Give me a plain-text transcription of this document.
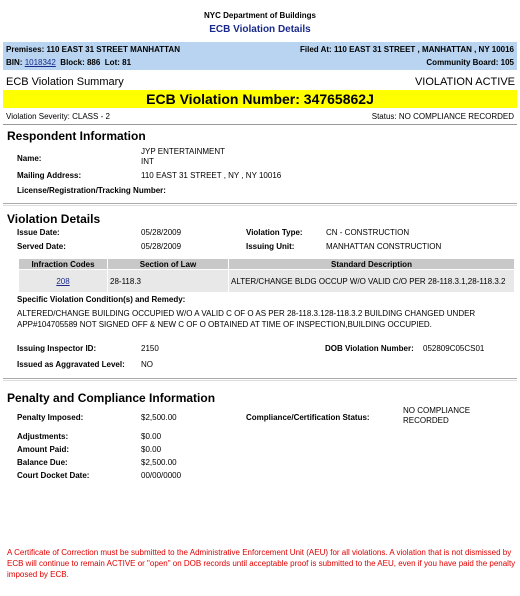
NYC Department of Buildings
ECB Violation Details
Premises: 110 EAST 31 STREET MANHATTAN	Filed At: 110 EAST 31 STREET , MANHATTAN , NY 10016
BIN: 1018342 Block: 886 Lot: 81	Community Board: 105
ECB Violation Summary	VIOLATION ACTIVE
ECB Violation Number: 34765862J
Violation Severity: CLASS - 2	Status: NO COMPLIANCE RECORDED
Respondent Information
Name:
JYP ENTERTAINMENT
INT
Mailing Address:	110 EAST 31 STREET , NY , NY 10016
License/Registration/Tracking Number:
Violation Details
Issue Date:	05/28/2009	Violation Type:	CN - CONSTRUCTION
Served Date:	05/28/2009	Issuing Unit:	MANHATTAN CONSTRUCTION
Infraction Codes	Section of Law	Standard Description
208	28-118.3	ALTER/CHANGE BLDG OCCUP W/O VALID C/O PER 28-118.3.1,28-118.3.2
Specific Violation Condition(s) and Remedy:
ALTERED/CHANGE BUILDING OCCUPIED W/O A VALID C OF O AS PER 28-118.3.128-118.3.2 BUILDING CHANGED UNDER APP#104705589 NOT SIGNED OFF & NEW C OF O OBTAINED AT TIME OF INSPECTION,BUILDING OCCUPIED.
Issuing Inspector ID:	2150	DOB Violation Number: 052809C05CS01
Issued as Aggravated Level: NO
Penalty and Compliance Information
Penalty Imposed:	$2,500.00	Compliance/Certification Status:
NO COMPLIANCE
RECORDED
Adjustments:	$0.00
Amount Paid:	$0.00
Balance Due:	$2,500.00
Court Docket Date:	00/00/0000
A Certificate of Correction must be submitted to the Administrative Enforcement Unit (AEU) for all violations. A violation that is not dismissed by ECB will continue to remain ACTIVE or "open" on DOB records until acceptable proof is submitted to the AEU, even if you have paid the penalty imposed by ECB.
